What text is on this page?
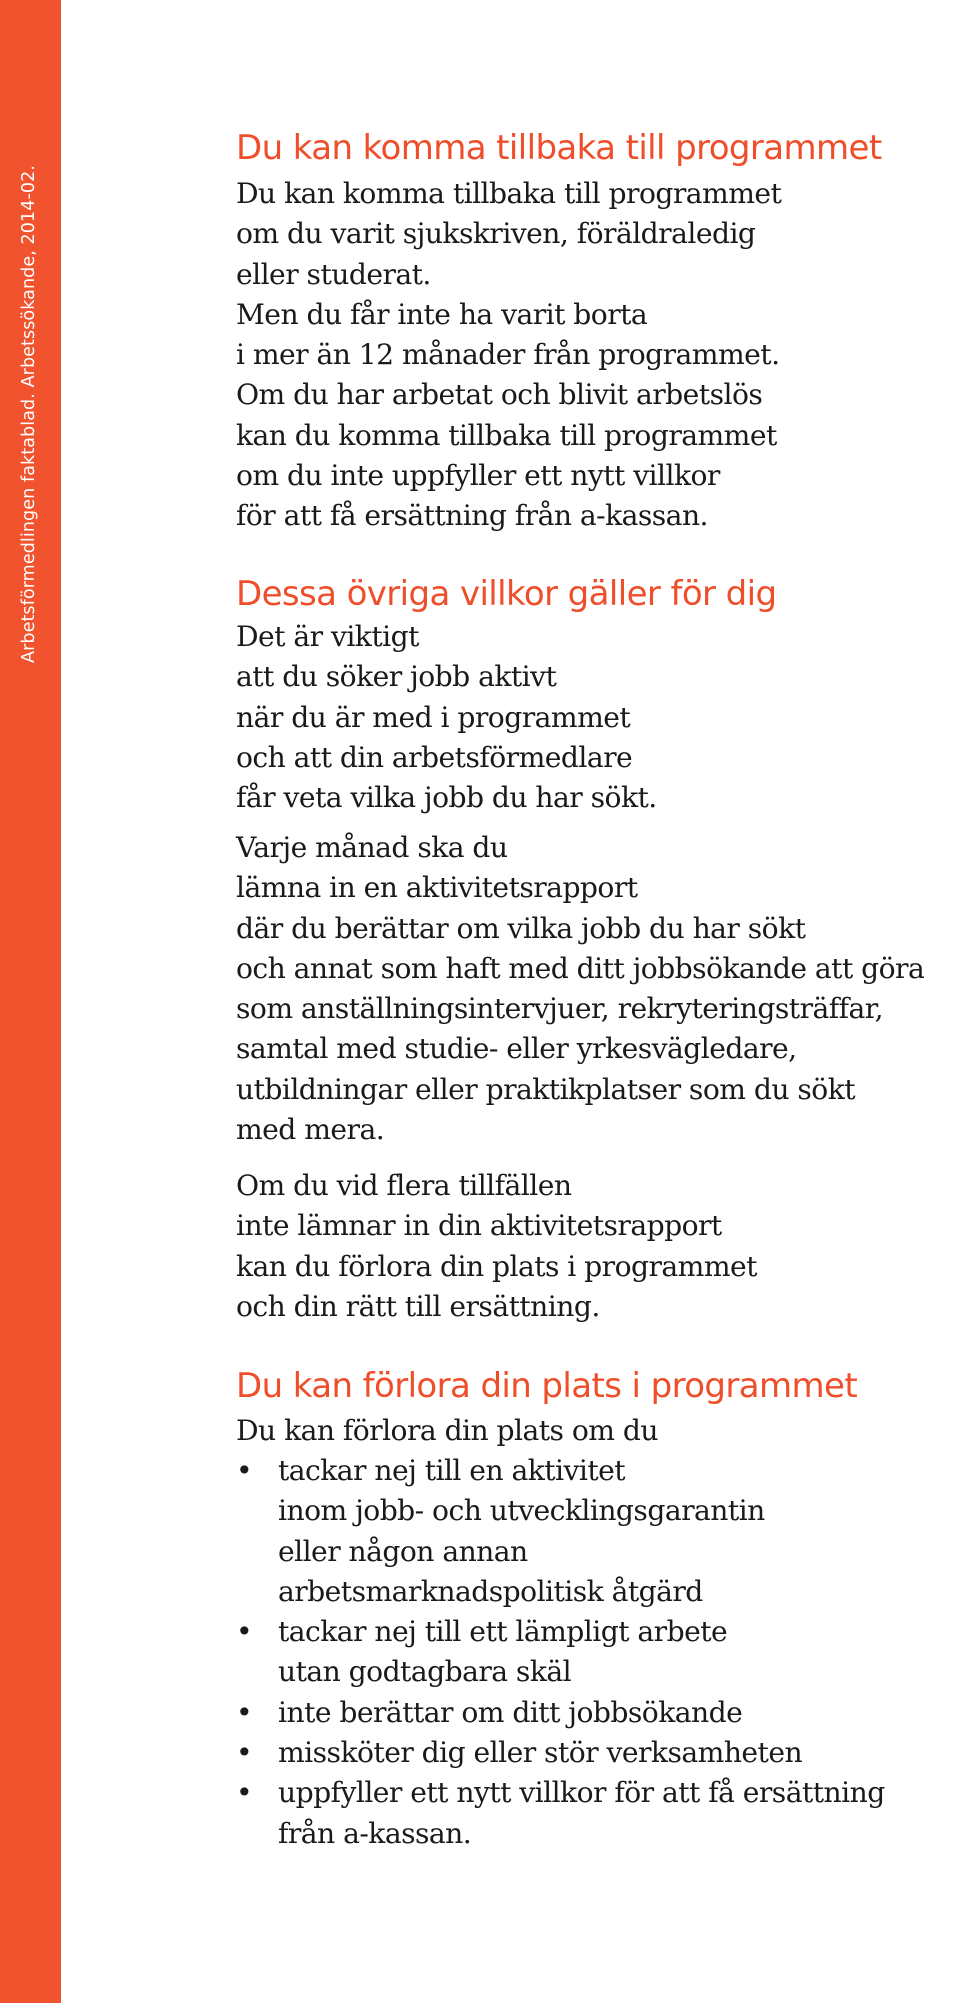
Arbetsförmedlingen faktablad. Arbetssökande, 2014-02.
Du kan komma tillbaka till programmet

Du kan komma tillbaka till programmet
om du varit sjukskriven, föräldraledig
eller studerat.
Men du får inte ha varit borta
i mer än 12 månader från programmet.
Om du har arbetat och blivit arbetslös
kan du komma tillbaka till programmet
om du inte uppfyller ett nytt villkor
för att få ersättning från a-kassan.

Dessa övriga villkor gäller för dig

Det är viktigt
att du söker jobb aktivt
när du är med i programmet
och att din arbetsförmedlare
får veta vilka jobb du har sökt.

Varje månad ska du
lämna in en aktivitetsrapport
där du berättar om vilka jobb du har sökt
och annat som haft med ditt jobbsökande att göra
som anställningsintervjuer, rekryteringsträffar,
samtal med studie- eller yrkesvägledare,
utbildningar eller praktikplatser som du sökt
med mera.

Om du vid flera tillfällen
inte lämnar in din aktivitetsrapport
kan du förlora din plats i programmet
och din rätt till ersättning.

Du kan förlora din plats i programmet

Du kan förlora din plats om du

• tackar nej till en aktivitet
inom jobb- och utvecklingsgarantin
eller någon annan
arbetsmarknadspolitisk åtgärd
• tackar nej till ett lämpligt arbete
utan godtagbara skäl
• inte berättar om ditt jobbsökande
• missköter dig eller stör verksamheten
• uppfyller ett nytt villkor för att få ersättning
från a-kassan.
